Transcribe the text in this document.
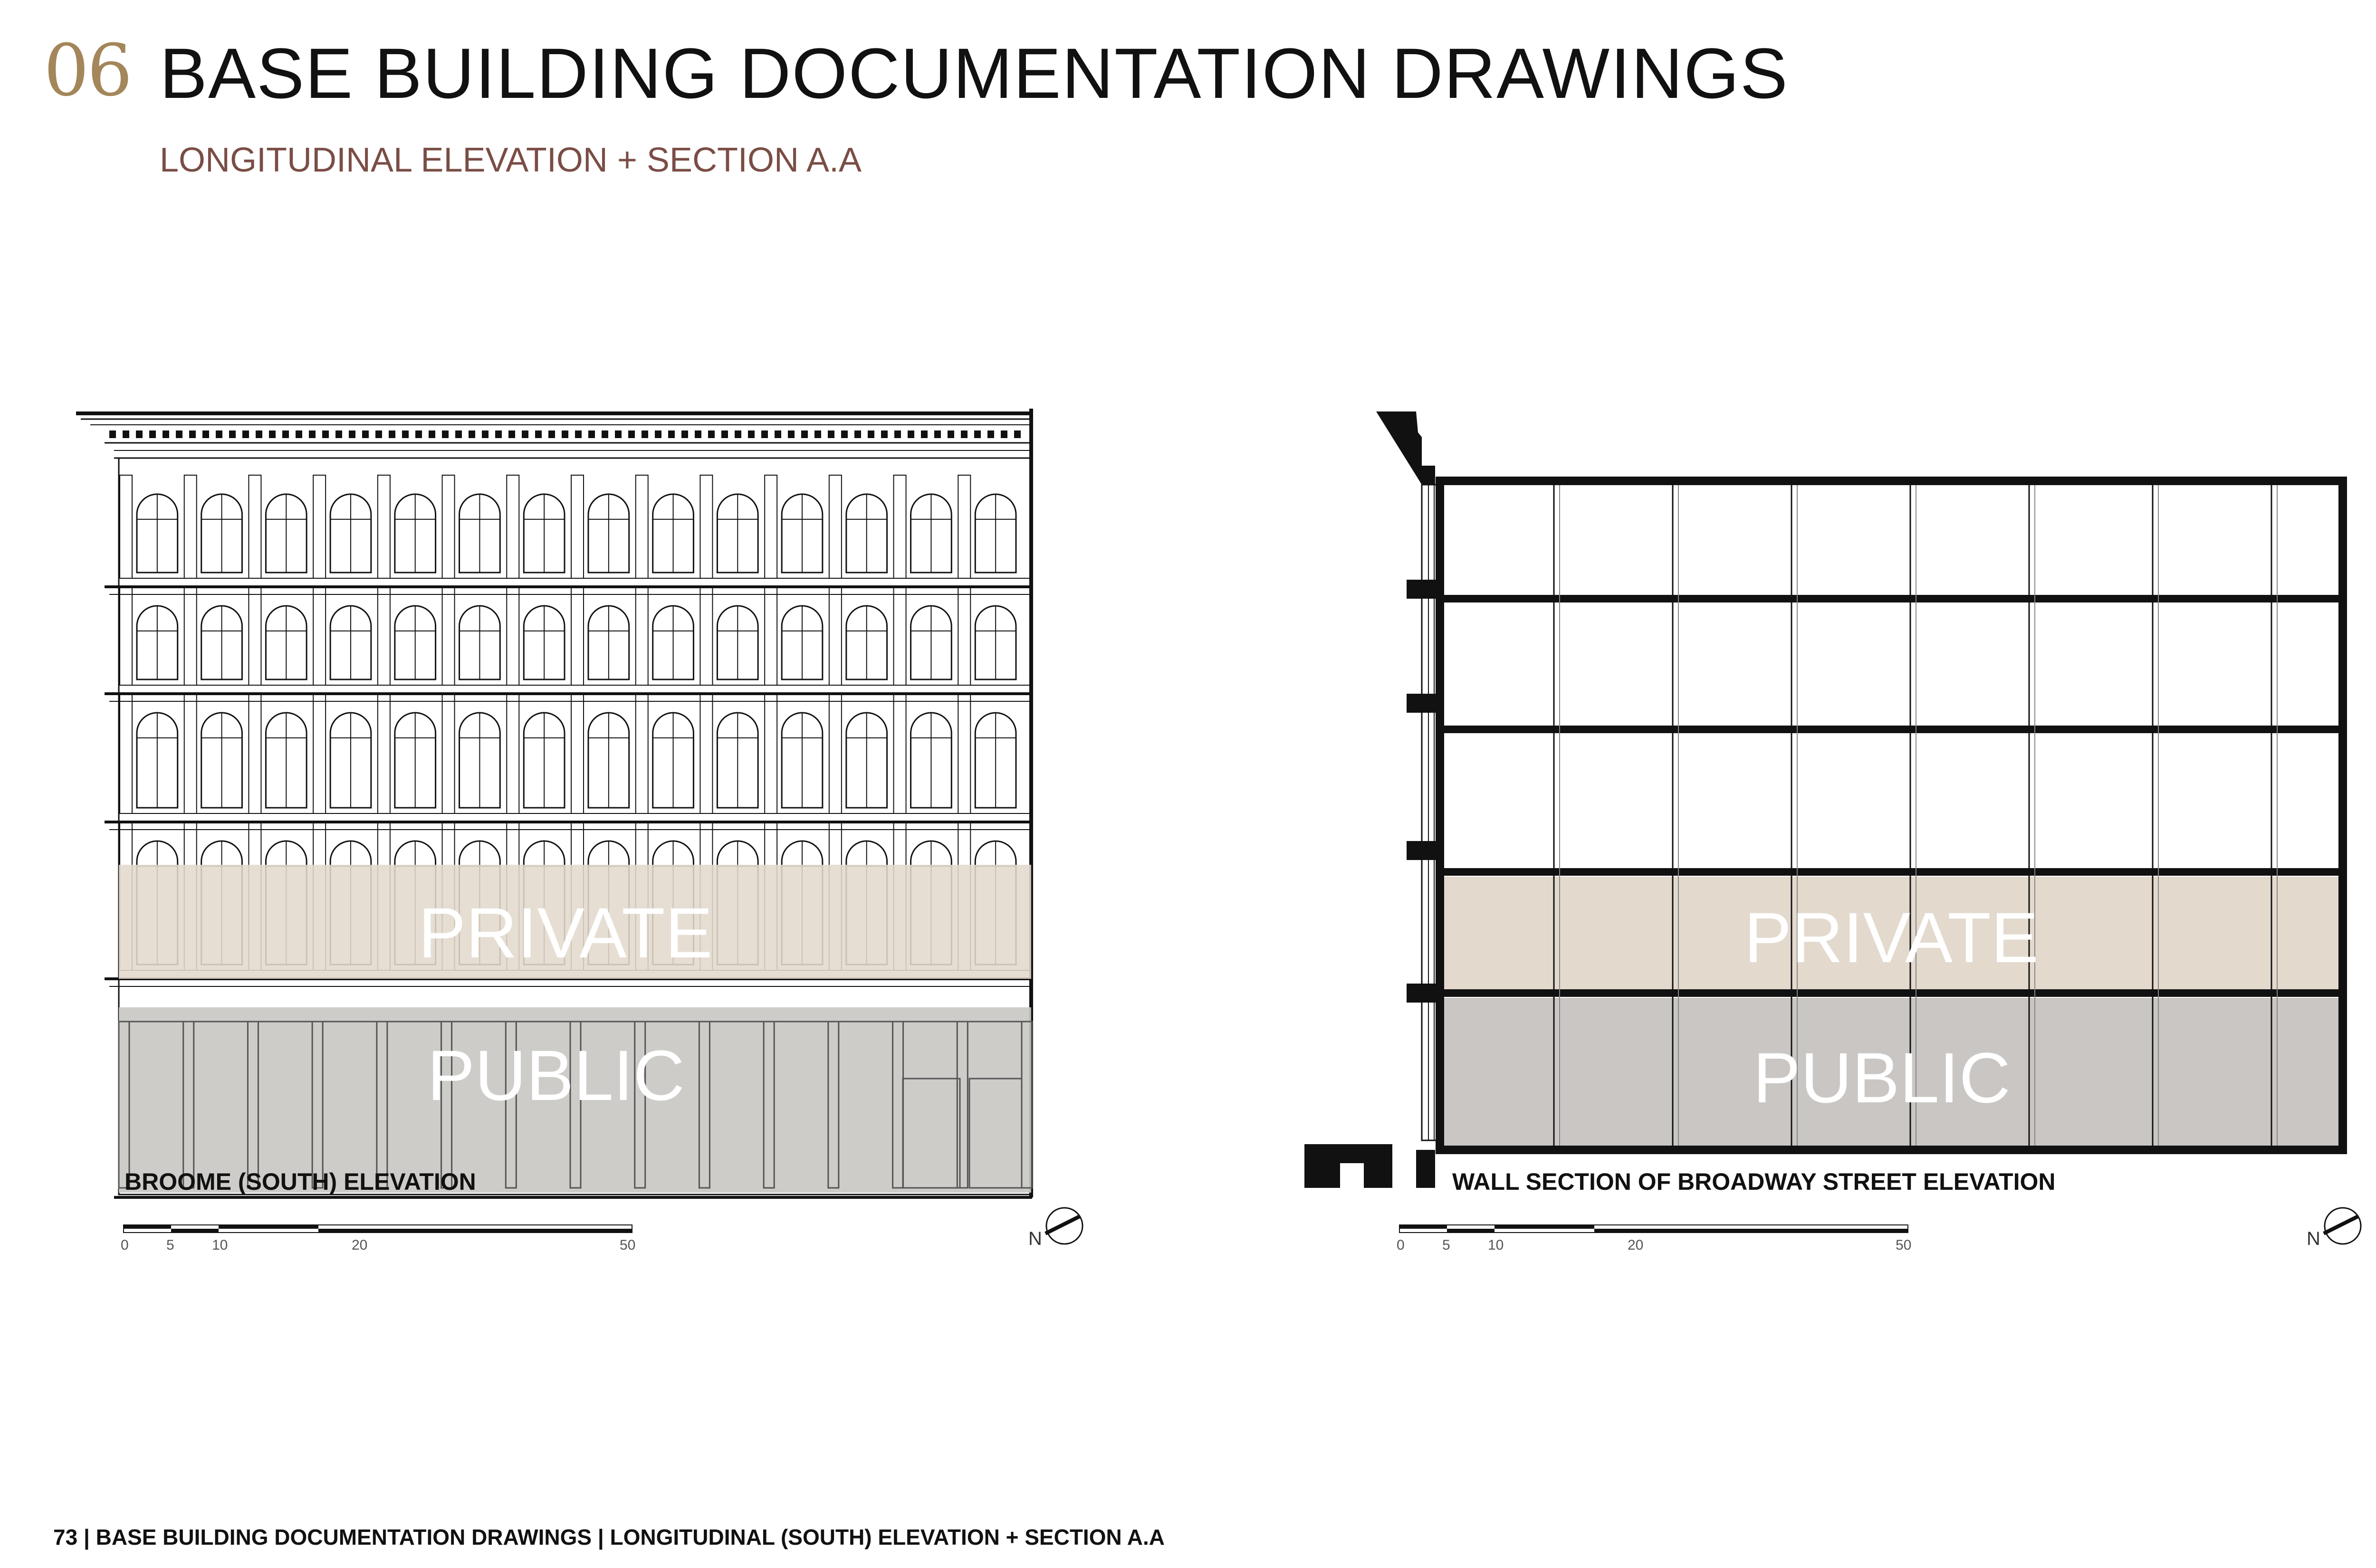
06 BASE BUILDING DOCUMENTATION DRAWINGS
LONGITUDINAL ELEVATION + SECTION A.A
PRIVATE
PUBLIC
BROOME (SOUTH) ELEVATION
0	5	10	20	50	N
PRIVATE
PUBLIC
WALL SECTION OF BROADWAY STREET ELEVATION
0	5	10	20	50	N
73 | BASE BUILDING DOCUMENTATION DRAWINGS | LONGITUDINAL (SOUTH) ELEVATION + SECTION A.A
